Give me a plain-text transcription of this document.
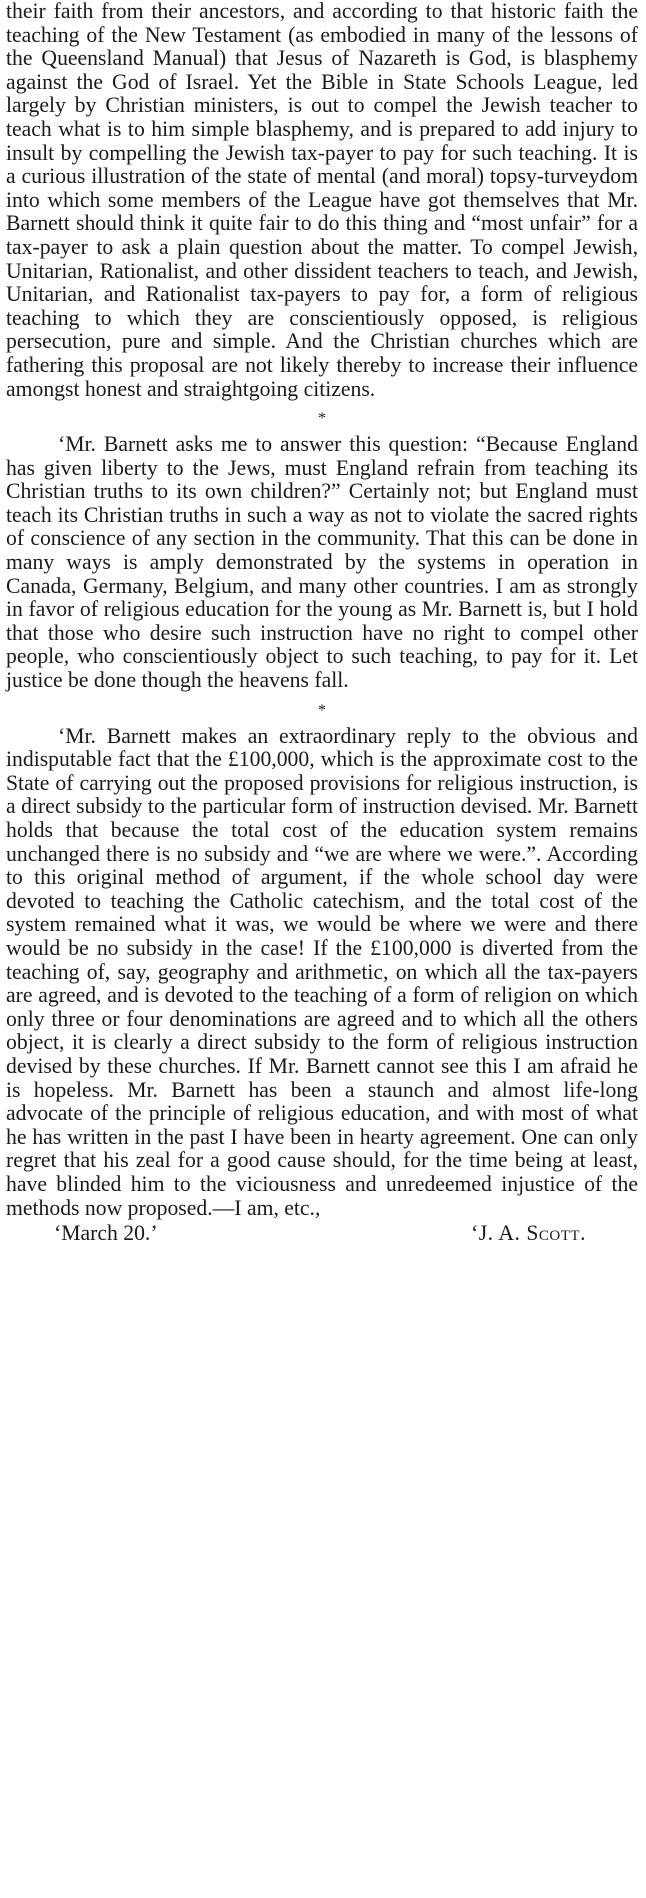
their faith from their ancestors, and according to that historic faith the teaching of the New Testament (as embodied in many of the lessons of the Queensland Manual) that Jesus of Nazareth is God, is blasphemy against the God of Israel. Yet the Bible in State Schools League, led largely by Christian ministers, is out to compel the Jewish teacher to teach what is to him simple blasphemy, and is prepared to add injury to insult by compelling the Jewish tax-payer to pay for such teaching. It is a curious illustration of the state of mental (and moral) topsy-turveydom into which some members of the League have got themselves that Mr. Barnett should think it quite fair to do this thing and “most unfair” for a tax-payer to ask a plain question about the matter. To compel Jewish, Unitarian, Rationalist, and other dissident teachers to teach, and Jewish, Unitarian, and Rationalist tax-payers to pay for, a form of religious teaching to which they are conscientiously opposed, is religious persecution, pure and simple. And the Christian churches which are fathering this proposal are not likely thereby to increase their influence amongst honest and straightgoing citizens.

*

‘Mr. Barnett asks me to answer this question: “Because England has given liberty to the Jews, must England refrain from teaching its Christian truths to its own children?” Certainly not; but England must teach its Christian truths in such a way as not to violate the sacred rights of conscience of any section in the community. That this can be done in many ways is amply demonstrated by the systems in operation in Canada, Germany, Belgium, and many other countries. I am as strongly in favor of religious education for the young as Mr. Barnett is, but I hold that those who desire such instruction have no right to compel other people, who conscientiously object to such teaching, to pay for it. Let justice be done though the heavens fall.

*

‘Mr. Barnett makes an extraordinary reply to the obvious and indisputable fact that the £100,000, which is the approximate cost to the State of carrying out the proposed provisions for religious instruction, is a direct subsidy to the particular form of instruction devised. Mr. Barnett holds that because the total cost of the education system remains unchanged there is no subsidy and “we are where we were.”. According to this original method of argument, if the whole school day were devoted to teaching the Catholic catechism, and the total cost of the system remained what it was, we would be where we were and there would be no subsidy in the case! If the £100,000 is diverted from the teaching of, say, geography and arithmetic, on which all the tax-payers are agreed, and is devoted to the teaching of a form of religion on which only three or four denominations are agreed and to which all the others object, it is clearly a direct subsidy to the form of religious instruction devised by these churches. If Mr. Barnett cannot see this I am afraid he is hopeless. Mr. Barnett has been a staunch and almost life-long advocate of the principle of religious education, and with most of what he has written in the past I have been in hearty agreement. One can only regret that his zeal for a good cause should, for the time being at least, have blinded him to the viciousness and unredeemed injustice of the methods now proposed.—I am, etc.,

‘March 20.’	‘J. A. Scott.
